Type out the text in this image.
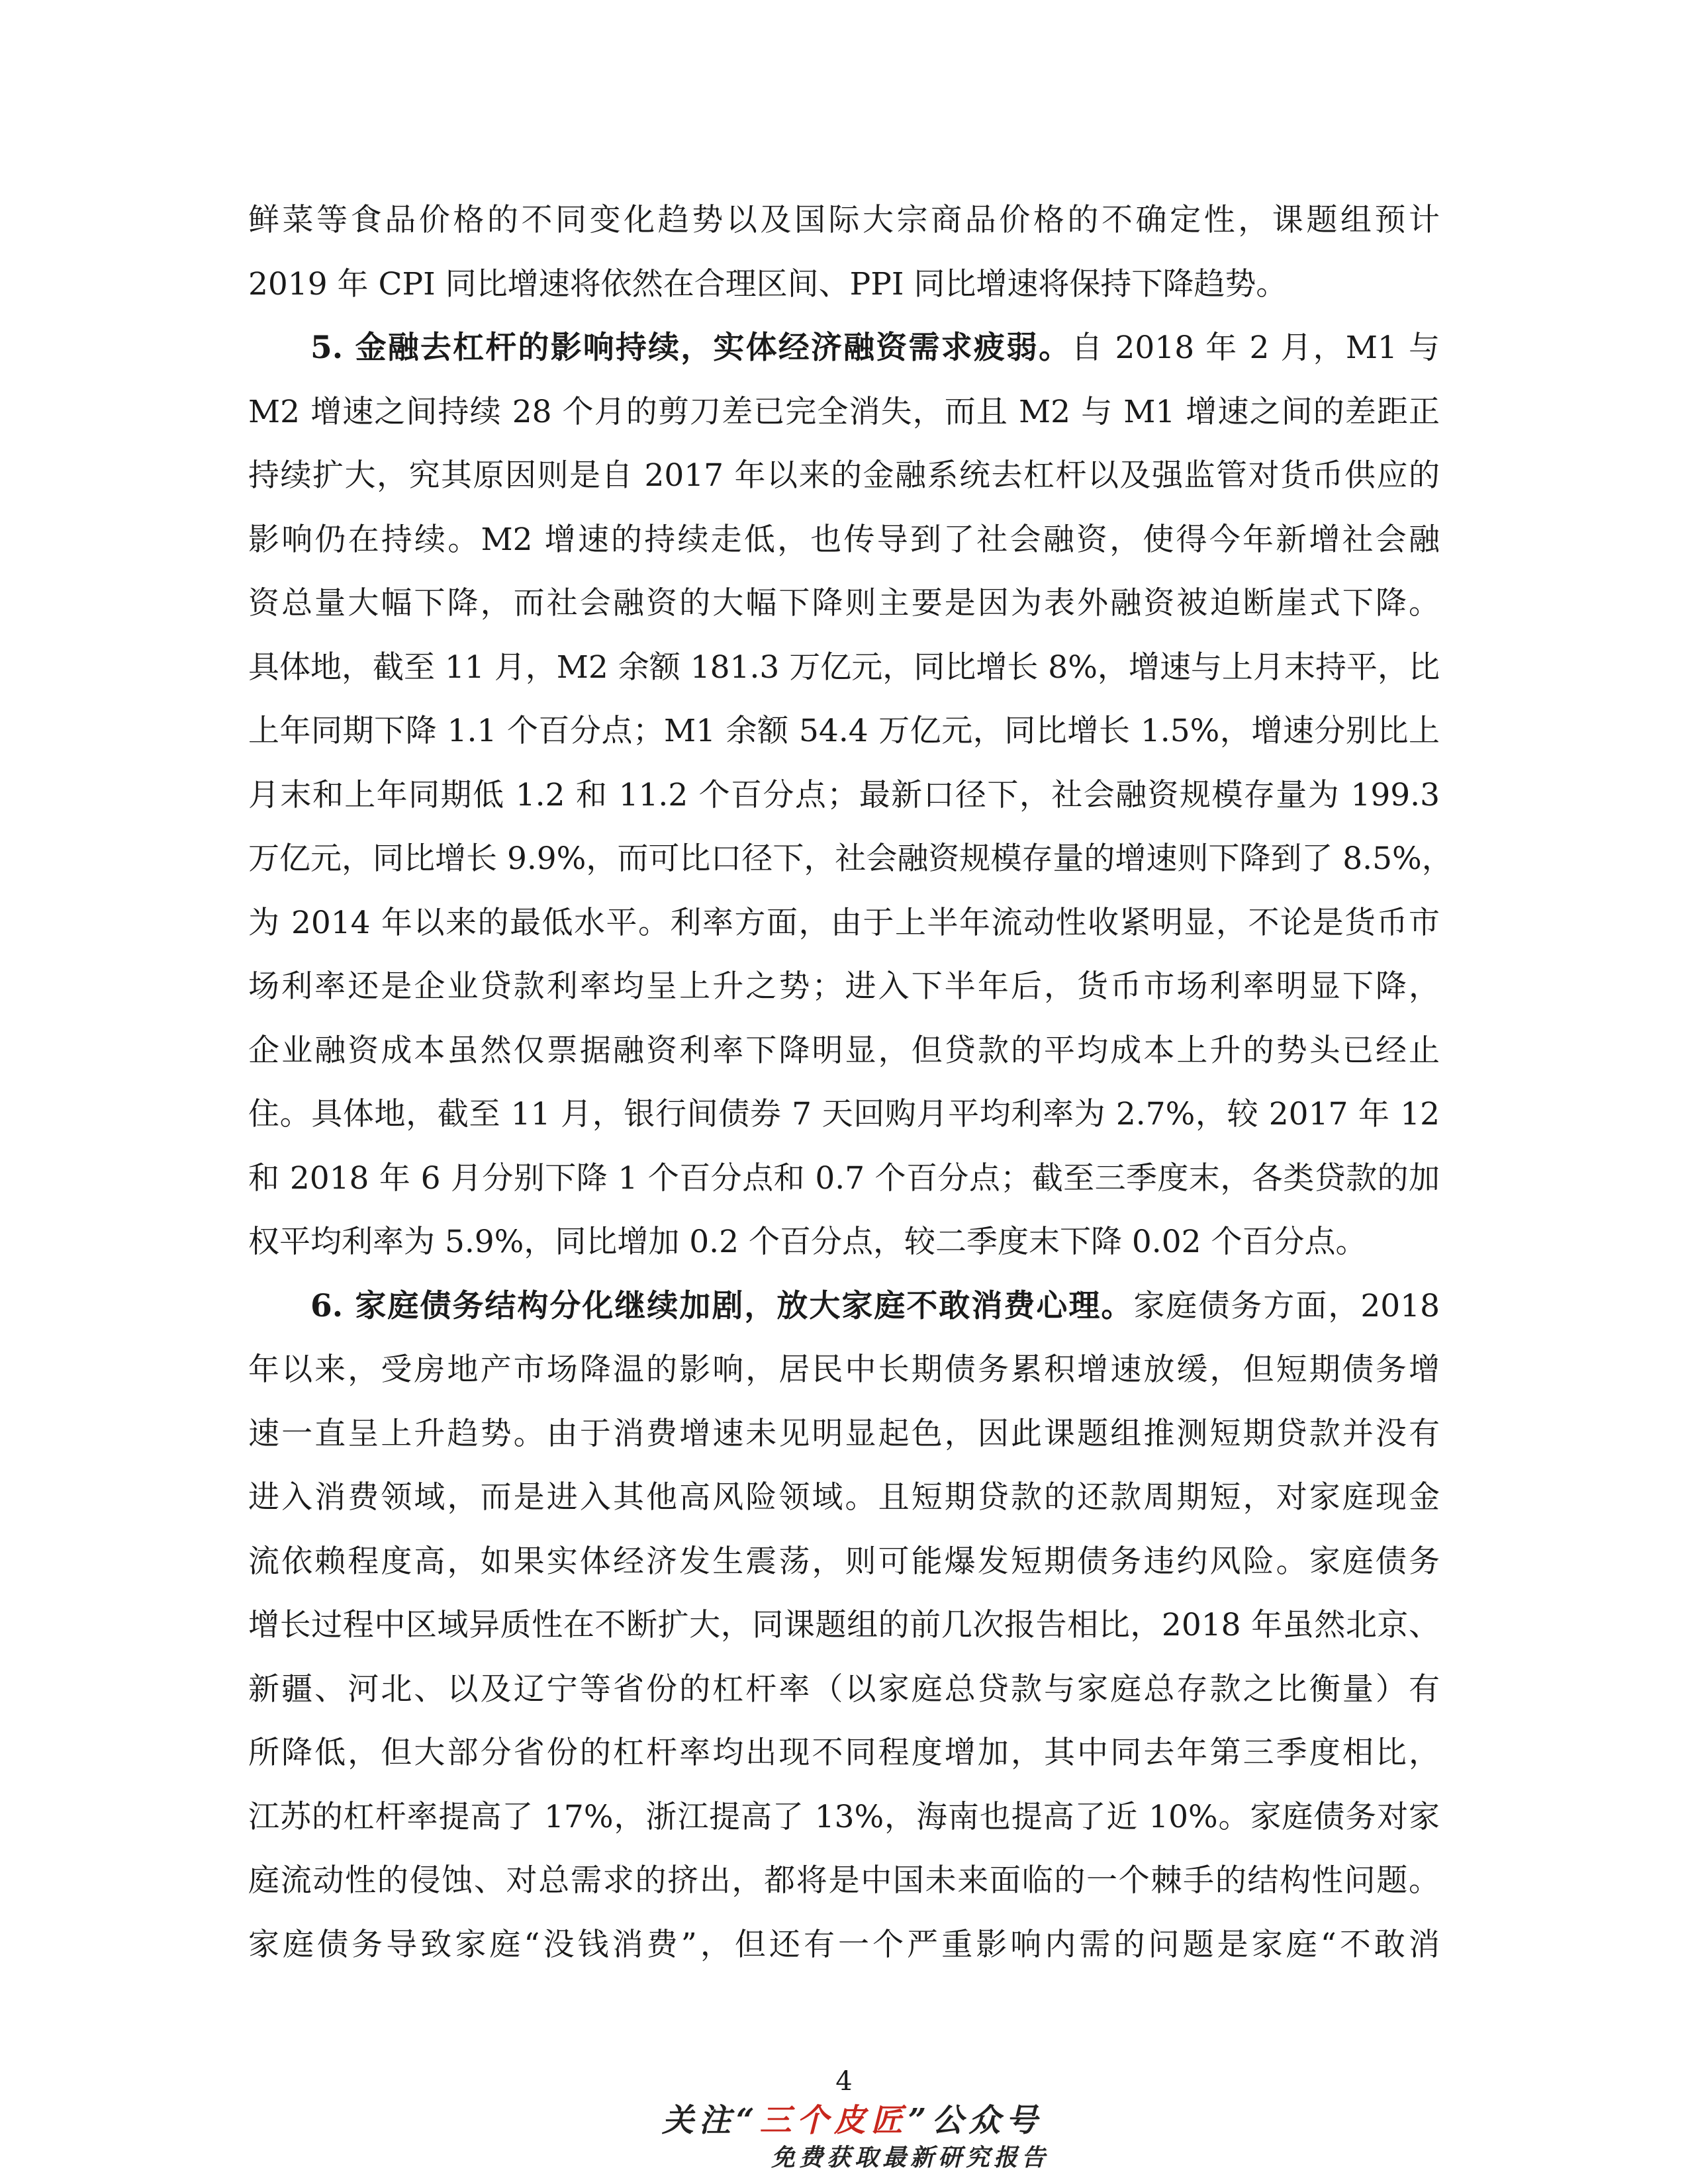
鲜菜等食品价格的不同变化趋势以及国际大宗商品价格的不确定性，课题组预计
2019 年 CPI 同比增速将依然在合理区间、PPI 同比增速将保持下降趋势。
5. 金融去杠杆的影响持续，实体经济融资需求疲弱。自 2018 年 2 月，M1 与
M2 增速之间持续 28 个月的剪刀差已完全消失，而且 M2 与 M1 增速之间的差距正
持续扩大，究其原因则是自 2017 年以来的金融系统去杠杆以及强监管对货币供应的
影响仍在持续。M2 增速的持续走低，也传导到了社会融资，使得今年新增社会融
资总量大幅下降，而社会融资的大幅下降则主要是因为表外融资被迫断崖式下降。
具体地，截至 11 月，M2 余额 181.3 万亿元，同比增长 8%，增速与上月末持平，比
上年同期下降 1.1 个百分点；M1 余额 54.4 万亿元，同比增长 1.5%，增速分别比上
月末和上年同期低 1.2 和 11.2 个百分点；最新口径下，社会融资规模存量为 199.3
万亿元，同比增长 9.9%，而可比口径下，社会融资规模存量的增速则下降到了 8.5%，
为 2014 年以来的最低水平。利率方面，由于上半年流动性收紧明显，不论是货币市
场利率还是企业贷款利率均呈上升之势；进入下半年后，货币市场利率明显下降，
企业融资成本虽然仅票据融资利率下降明显，但贷款的平均成本上升的势头已经止
住。具体地，截至 11 月，银行间债券 7 天回购月平均利率为 2.7%，较 2017 年 12
和 2018 年 6 月分别下降 1 个百分点和 0.7 个百分点；截至三季度末，各类贷款的加
权平均利率为 5.9%，同比增加 0.2 个百分点，较二季度末下降 0.02 个百分点。
6. 家庭债务结构分化继续加剧，放大家庭不敢消费心理。家庭债务方面，2018
年以来，受房地产市场降温的影响，居民中长期债务累积增速放缓，但短期债务增
速一直呈上升趋势。由于消费增速未见明显起色，因此课题组推测短期贷款并没有
进入消费领域，而是进入其他高风险领域。且短期贷款的还款周期短，对家庭现金
流依赖程度高，如果实体经济发生震荡，则可能爆发短期债务违约风险。家庭债务
增长过程中区域异质性在不断扩大，同课题组的前几次报告相比，2018 年虽然北京、
新疆、河北、以及辽宁等省份的杠杆率（以家庭总贷款与家庭总存款之比衡量）有
所降低，但大部分省份的杠杆率均出现不同程度增加，其中同去年第三季度相比，
江苏的杠杆率提高了 17%，浙江提高了 13%，海南也提高了近 10%。家庭债务对家
庭流动性的侵蚀、对总需求的挤出，都将是中国未来面临的一个棘手的结构性问题。
家庭债务导致家庭“没钱消费”，但还有一个严重影响内需的问题是家庭“不敢消
4
关注“三个皮匠”公众号
免费获取最新研究报告
